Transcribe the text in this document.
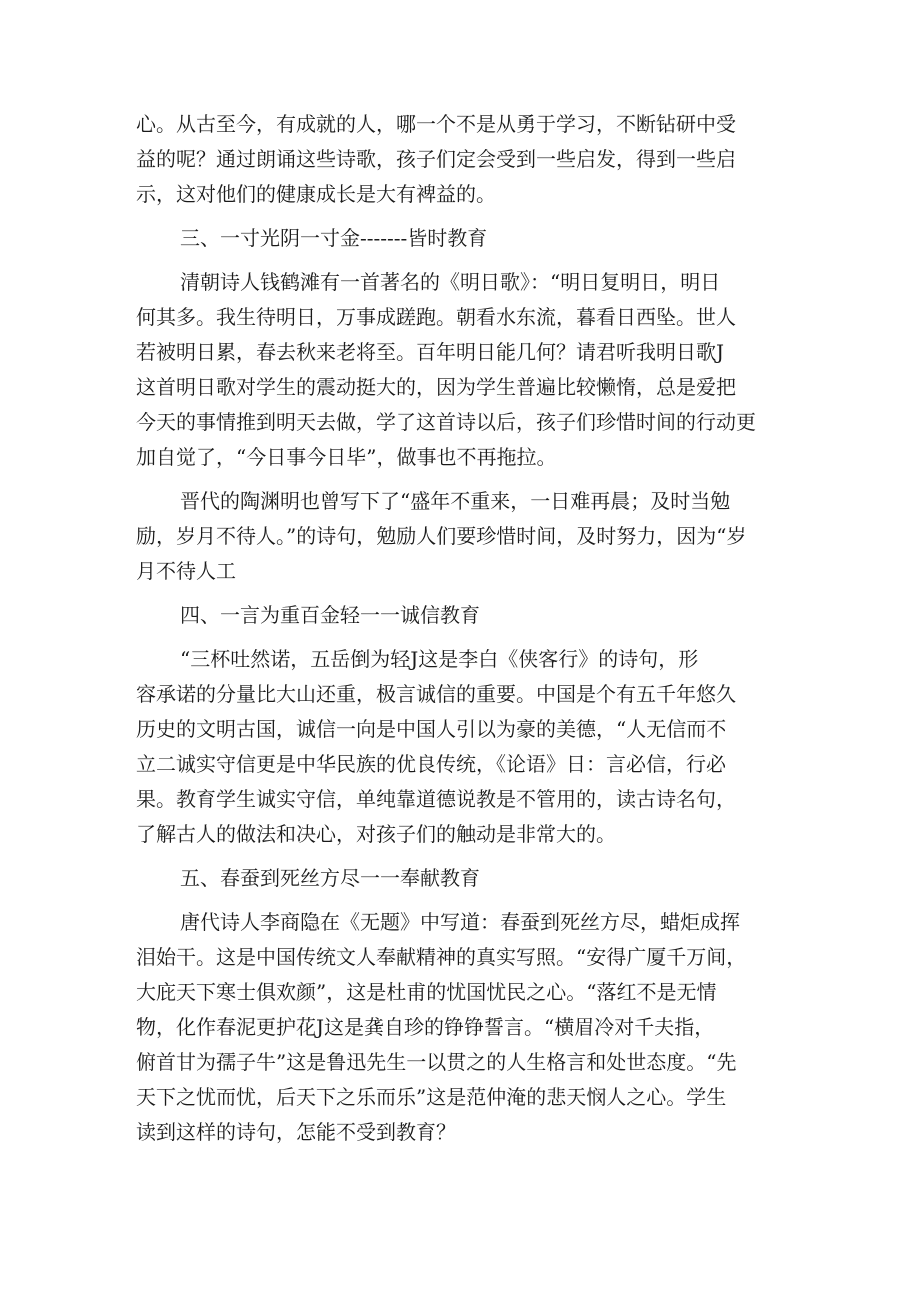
心。从古至今，有成就的人，哪一个不是从勇于学习，不断钻研中受
益的呢？通过朗诵这些诗歌，孩子们定会受到一些启发，得到一些启
示，这对他们的健康成长是大有裨益的。
三、一寸光阴一寸金-------皆时教育
清朝诗人钱鹤滩有一首著名的《明日歌》：“明日复明日，明日
何其多。我生待明日，万事成蹉跑。朝看水东流，暮看日西坠。世人
若被明日累，春去秋来老将至。百年明日能几何？请君听我明日歌J
这首明日歌对学生的震动挺大的，因为学生普遍比较懒惰，总是爱把
今天的事情推到明天去做，学了这首诗以后，孩子们珍惜时间的行动更
加自觉了，“今日事今日毕”，做事也不再拖拉。
晋代的陶渊明也曾写下了“盛年不重来，一日难再晨；及时当勉
励，岁月不待人。”的诗句，勉励人们要珍惜时间，及时努力，因为“岁
月不待人工
四、一言为重百金轻一一诚信教育
“三杯吐然诺，五岳倒为轻J这是李白《侠客行》的诗句，形
容承诺的分量比大山还重，极言诚信的重要。中国是个有五千年悠久
历史的文明古国，诚信一向是中国人引以为豪的美德，“人无信而不
立二诚实守信更是中华民族的优良传统，《论语》日：言必信，行必
果。教育学生诚实守信，单纯靠道德说教是不管用的，读古诗名句，
了解古人的做法和决心，对孩子们的触动是非常大的。
五、春蚕到死丝方尽一一奉献教育
唐代诗人李商隐在《无题》中写道：春蚕到死丝方尽，蜡炬成挥
泪始干。这是中国传统文人奉献精神的真实写照。“安得广厦千万间，
大庇天下寒士俱欢颜”，这是杜甫的忧国忧民之心。“落红不是无情
物，化作春泥更护花J这是龚自珍的铮铮誓言。“横眉冷对千夫指，
俯首甘为孺子牛”这是鲁迅先生一以贯之的人生格言和处世态度。“先
天下之忧而忧，后天下之乐而乐”这是范仲淹的悲天悯人之心。学生
读到这样的诗句，怎能不受到教育？
